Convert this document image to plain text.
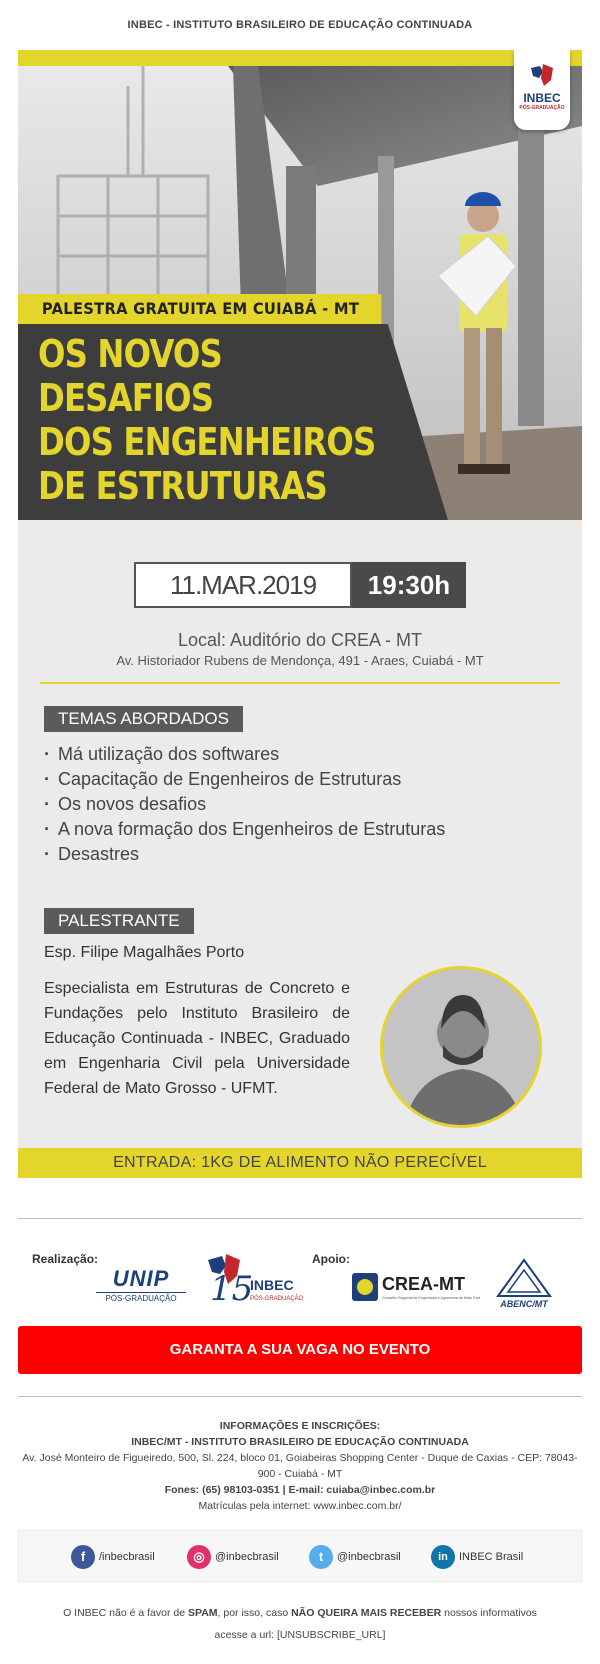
INBEC - INSTITUTO BRASILEIRO DE EDUCAÇÃO CONTINUADA
INBEC
PÓS-GRADUAÇÃO
PALESTRA GRATUITA EM CUIABÁ - MT
OS NOVOS DESAFIOS
DOS ENGENHEIROS
DE ESTRUTURAS
11.MAR.2019	19:30h
Local: Auditório do CREA - MT
Av. Historiador Rubens de Mendonça, 491 - Araes, Cuiabá - MT
TEMAS ABORDADOS
· Má utilização dos softwares
· Capacitação de Engenheiros de Estruturas
· Os novos desafios
· A nova formação dos Engenheiros de Estruturas
· Desastres
PALESTRANTE
Esp. Filipe Magalhães Porto
Especialista em Estruturas de Concreto e Fundações pelo Instituto Brasileiro de Educação Continuada - INBEC, Graduado em Engenharia Civil pela Universidade Federal de Mato Grosso - UFMT.
ENTRADA: 1KG DE ALIMENTO NÃO PERECÍVEL
Realização:	Apoio:
UNIP
PÓS-GRADUAÇÃO 15
INBEC
PÓS-GRADUAÇÃO
CREA-MT
Conselho Regional de Engenharia e Agronomia de Mato Grosso
ABENC/MT
GARANTA A SUA VAGA NO EVENTO
INFORMAÇÕES E INSCRIÇÕES:
INBEC/MT - INSTITUTO BRASILEIRO DE EDUCAÇÃO CONTINUADA
Av. José Monteiro de Figueiredo, 500, Sl. 224, bloco 01, Goiabeiras Shopping Center - Duque de Caxias - CEP: 78043-900 - Cuiabá - MT
Fones: (65) 98103-0351 | E-mail: cuiaba@inbec.com.br
Matrículas pela internet: www.inbec.com.br/
f	/inbecbrasil	◎ @inbecbrasil	t	@inbecbrasil	in	INBEC Brasil
O INBEC não é a favor de SPAM, por isso, caso NÃO QUEIRA MAIS RECEBER nossos informativos
acesse a url: [UNSUBSCRIBE_URL]
